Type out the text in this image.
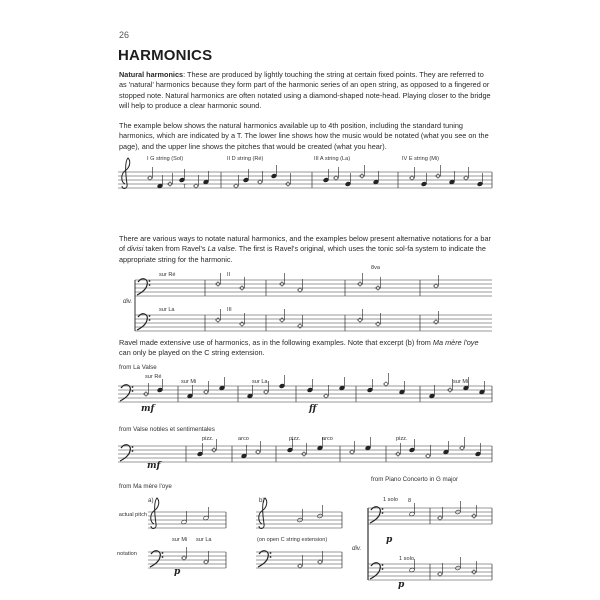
26
HARMONICS
Natural harmonics: These are produced by lightly touching the string at certain fixed points. They are referred to as 'natural' harmonics because they form part of the harmonic series of an open string, as opposed to a fingered or stopped note. Natural harmonics are often notated using a diamond-shaped note-head. Playing closer to the bridge will help to produce a clear harmonic sound.
The example below shows the natural harmonics available up to 4th position, including the standard tuning harmonics, which are indicated by a T. The lower line shows how the music would be notated (what you see on the page), and the upper line shows the pitches that would be created (what you hear).
There are various ways to notate natural harmonics, and the examples below present alternative notations for a bar of divisi taken from Ravel's La valse. The first is Ravel's original, which uses the tonic sol-fa system to indicate the appropriate string for the harmonic.
Ravel made extensive use of harmonics, as in the following examples. Note that excerpt (b) from Ma mère l'oye can only be played on the C string extension.
I G string (Sol)	II D string (Ré)	III A string (La)	IV E string (Mi)
T
sur Ré	II
sur La	III
div.
8va
from La Valse
sur Ré
sur Mi	sur La	sur Mi
mf	ff
from Valse nobles et sentimentales
pizz.	arco	pizz.	arco	pizz.
mf
from Ma mère l'oye
a)	b)
actual pitch
notation
sur Mi sur La	(on open C string extension)
p
from Piano Concerto in G major
1 solo
1 solo
div.
p
p
8
